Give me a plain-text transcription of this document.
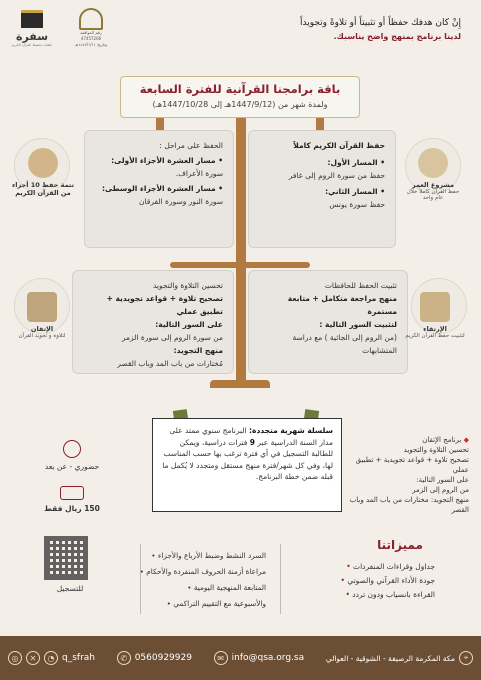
سفرة
حلقات تحفيظ القرآن الكريم
رقم الموافقة
47457266
وتاريخ ١٤٤٧/١/١١هـ
إِنْ كان هدفك حفظاً أو تثبيتاً أو تلاوةً وتجويداً
لدينا برنامج بمنهج واضح يناسبك.
باقة برامجنا القرآنية للفترة السابعة
ولمدة شهر من (1447/9/12هـ إلى 1447/10/28هـ)
حفظ القرآن الكريم كاملاً
• المسار الأول:
حفظ من سورة الروم إلى غافر
• المسار الثاني:
حفظ سورة يونس
الحفظ على مراحل :
• مسار العشرة الأجزاء الأولى:
سورة الأعراف.
• مسار العشرة الأجزاء الوسطى:
سورة النور وسورة الفرقان
تثبيت الحفظ للحافظات
منهج مراجعة متكامل + متابعة مستمرة
لتثبيت السور التالية :
(من الروم إلى الجاثية ) مع دراسة المتشابهات
تحسين التلاوة والتجويد
تصحيح تلاوة + قواعد تجويدية + تطبيق عملي
على السور التالية:
من سورة الروم إلى سورة الزمر
منهج التجويد:
مُختارات من باب المد وباب القصر
مشروع العمر
حفظ القرآن كاملاً خلال عام واحد
تتمة حفظ 10 أجزاء من القرآن الكريم
الإرتقاء
لتثبيت حفظ القرآن الكريم
الإتقان
لتلاوة و تجويد القرآن
سلسلة شهرية متجددة: البرنامج سنوي ممتد على مدار السنة الدراسية عبر 9 فترات دراسية، ويمكن للطالبة التسجيل في أي فترة ترغب بها حسب المناسب لها، وفي كل شهر/فترة منهج مستقل ومتجدد لا يُكمل ما قبله ضمن خطة البرنامج.
◆ برنامج الإتقان
تحسين التلاوة والتجويد
تصحيح تلاوة + قواعد تجويدية + تطبيق عملي
على السور التالية:
من الروم إلى الزمر
منهج التجويد: مختارات من باب المد وباب القصر
حضوري - عن بعد
150 ريال فقط
للتسجيل
السرد النشط وضبط الأرباع والأجزاء •
مراعاة أزمنة الحروف المنفردة والأحكام •
المتابعة المنهجية اليومية •
والأسبوعية مع التقييم التراكمي •
مميزاتنا
جداول وقراءات المنفردات •
جودة الأداء القرآني والصوتي •
القراءة بانسياب ودون تردد •
◎	✕	◔ q_sfrah	✆ 0560929929	✉ info@qsa.org.sa	مكة المكرمة الرصيفة - الشوقية - العوالي	⌖
